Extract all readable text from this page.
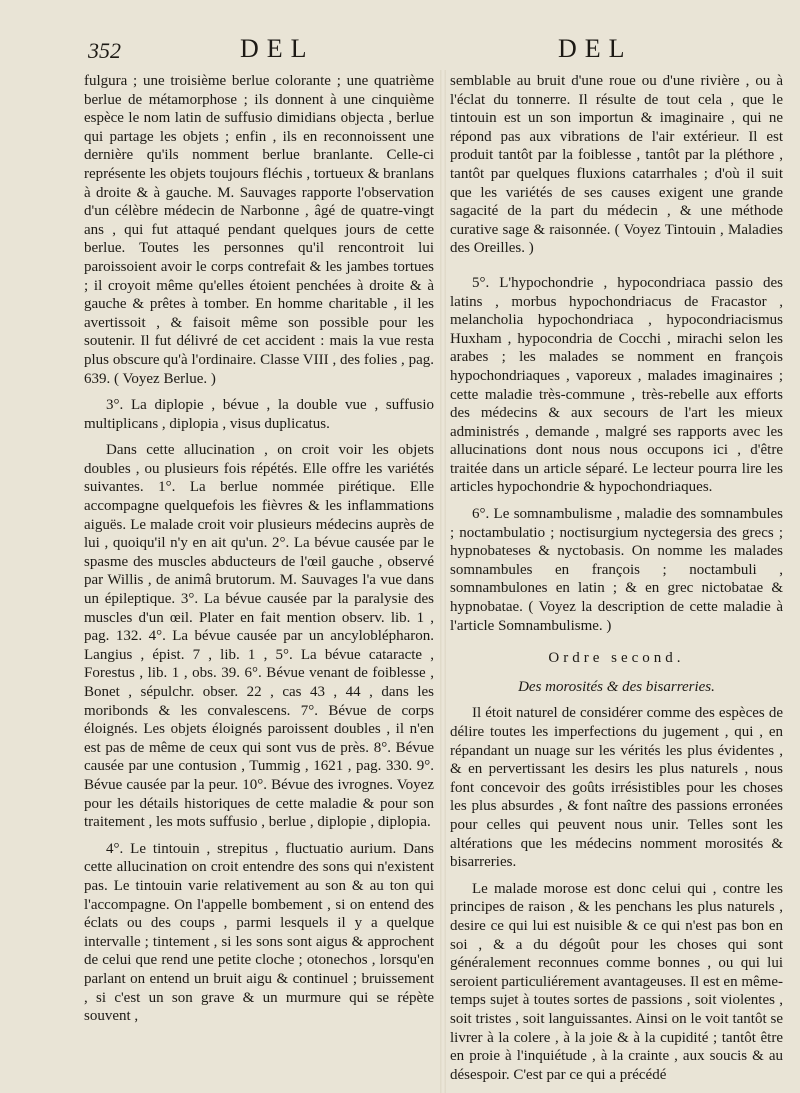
352	DEL	DEL

fulgura ; une troisième berlue colorante ; une quatrième berlue de métamorphose ; ils donnent à une cinquième espèce le nom latin de suffusio dimidians objecta , berlue qui partage les objets ; enfin , ils en reconnoissent une dernière qu'ils nomment berlue branlante. Celle-ci représente les objets toujours fléchis , tortueux & branlans à droite & à gauche. M. Sauvages rapporte l'observation d'un célèbre médecin de Narbonne , âgé de quatre-vingt ans , qui fut attaqué pendant quelques jours de cette berlue. Toutes les personnes qu'il rencontroit lui paroissoient avoir le corps contrefait & les jambes tortues ; il croyoit même qu'elles étoient penchées à droite & à gauche & prêtes à tomber. En homme charitable , il les avertissoit , & faisoit même son possible pour les soutenir. Il fut délivré de cet accident : mais la vue resta plus obscure qu'à l'ordinaire. Classe VIII , des folies , pag. 639. ( Voyez Berlue. )

3°. La diplopie , bévue , la double vue , suffusio multiplicans , diplopia , visus duplicatus.

Dans cette allucination , on croit voir les objets doubles , ou plusieurs fois répétés. Elle offre les variétés suivantes. 1°. La berlue nommée pirétique. Elle accompagne quelquefois les fièvres & les inflammations aiguës. Le malade croit voir plusieurs médecins auprès de lui , quoiqu'il n'y en ait qu'un. 2°. La bévue causée par le spasme des muscles abducteurs de l'œil gauche , observé par Willis , de animâ brutorum. M. Sauvages l'a vue dans un épileptique. 3°. La bévue causée par la paralysie des muscles d'un œil. Plater en fait mention observ. lib. 1 , pag. 132. 4°. La bévue causée par un ancyloblépharon. Langius , épist. 7 , lib. 1 , 5°. La bévue cataracte , Forestus , lib. 1 , obs. 39. 6°. Bévue venant de foiblesse , Bonet , sépulchr. obser. 22 , cas 43 , 44 , dans les moribonds & les convalescens. 7°. Bévue de corps éloignés. Les objets éloignés paroissent doubles , il n'en est pas de même de ceux qui sont vus de près. 8°. Bévue causée par une contusion , Tummig , 1621 , pag. 330. 9°. Bévue causée par la peur. 10°. Bévue des ivrognes. Voyez pour les détails historiques de cette maladie & pour son traitement , les mots suffusio , berlue , diplopie , diplopia.

4°. Le tintouin , strepitus , fluctuatio aurium. Dans cette allucination on croit entendre des sons qui n'existent pas. Le tintouin varie relativement au son & au ton qui l'accompagne. On l'appelle bombement , si on entend des éclats ou des coups , parmi lesquels il y a quelque intervalle ; tintement , si les sons sont aigus & approchent de celui que rend une petite cloche ; otonechos , lorsqu'en parlant on entend un bruit aigu & continuel ; bruissement , si c'est un son grave & un murmure qui se répète souvent ,

semblable au bruit d'une roue ou d'une rivière , ou à l'éclat du tonnerre. Il résulte de tout cela , que le tintouin est un son importun & imaginaire , qui ne répond pas aux vibrations de l'air extérieur. Il est produit tantôt par la foiblesse , tantôt par la pléthore , tantôt par quelques fluxions catarrhales ; d'où il suit que les variétés de ses causes exigent une grande sagacité de la part du médecin , & une méthode curative sage & raisonnée. ( Voyez Tintouin , Maladies des Oreilles. )

5°. L'hypochondrie , hypocondriaca passio des latins , morbus hypochondriacus de Fracastor , melancholia hypochondriaca , hypocondriacismus Huxham , hypocondria de Cocchi , mirachi selon les arabes ; les malades se nomment en françois hypochondriaques , vaporeux , malades imaginaires ; cette maladie très-commune , très-rebelle aux efforts des médecins & aux secours de l'art les mieux administrés , demande , malgré ses rapports avec les allucinations dont nous nous occupons ici , d'être traitée dans un article séparé. Le lecteur pourra lire les articles hypochondrie & hypochondriaques.

6°. Le somnambulisme , maladie des somnambules ; noctambulatio ; noctisurgium nyctegersia des grecs ; hypnobateses & nyctobasis. On nomme les malades somnambules en françois ; noctambuli , somnambulones en latin ; & en grec nictobatae & hypnobatae. ( Voyez la description de cette maladie à l'article Somnambulisme. )

Ordre second.

Des morosités & des bisarreries.

Il étoit naturel de considérer comme des espèces de délire toutes les imperfections du jugement , qui , en répandant un nuage sur les vérités les plus évidentes , & en pervertissant les desirs les plus naturels , nous font concevoir des goûts irrésistibles pour les choses les plus absurdes , & font naître des passions erronées pour celles qui peuvent nous unir. Telles sont les altérations que les médecins nomment morosités & bisarreries.

Le malade morose est donc celui qui , contre les principes de raison , & les penchans les plus naturels , desire ce qui lui est nuisible & ce qui n'est pas bon en soi , & a du dégoût pour les choses qui sont généralement reconnues comme bonnes , ou qui lui seroient particuliérement avantageuses. Il est en même-temps sujet à toutes sortes de passions , soit violentes , soit tristes , soit languissantes. Ainsi on le voit tantôt se livrer à la colere , à la joie & à la cupidité ; tantôt être en proie à l'inquiétude , à la crainte , aux soucis & au désespoir. C'est par ce qui a précédé
